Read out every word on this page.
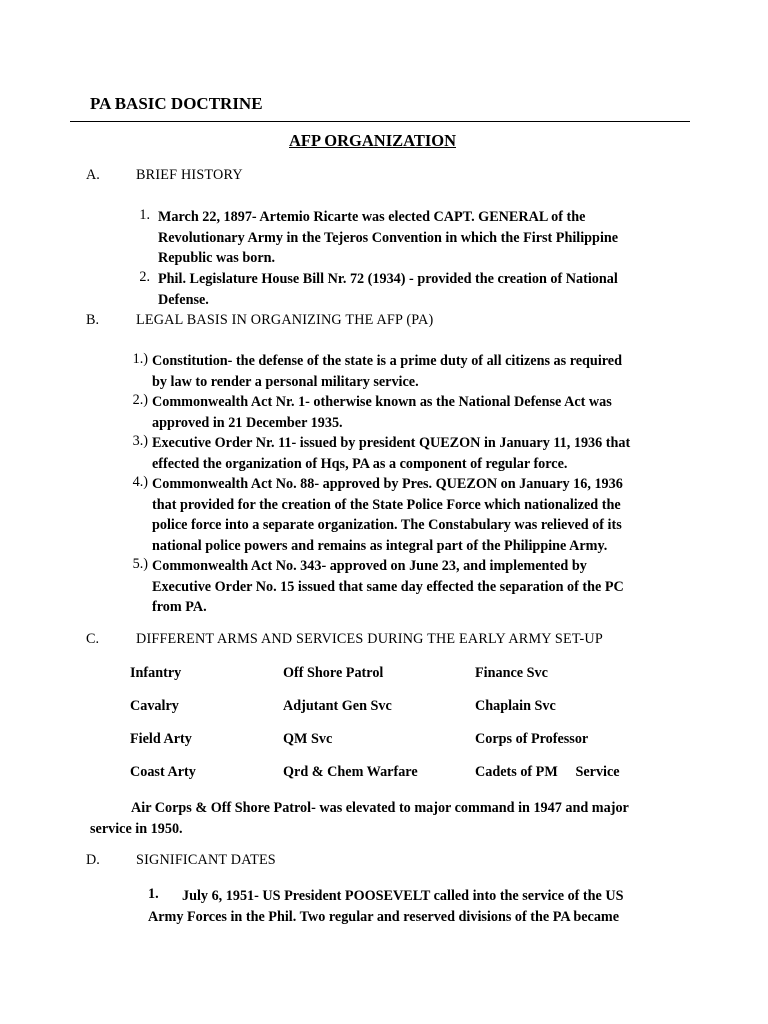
PA BASIC DOCTRINE
AFP ORGANIZATION
A.	BRIEF HISTORY
1. March 22, 1897- Artemio Ricarte was elected CAPT. GENERAL of the
Revolutionary Army in the Tejeros Convention in which the First Philippine
Republic was born.
2. Phil. Legislature House Bill Nr. 72 (1934) - provided the creation of National
Defense.
B.	LEGAL BASIS IN ORGANIZING THE AFP (PA)
1.) Constitution- the defense of the state is a prime duty of all citizens as required
by law to render a personal military service.
2.) Commonwealth Act Nr. 1- otherwise known as the National Defense Act was
approved in 21 December 1935.
3.) Executive Order Nr. 11- issued by president QUEZON in January 11, 1936 that
effected the organization of Hqs, PA as a component of regular force.
4.) Commonwealth Act No. 88- approved by Pres. QUEZON on January 16, 1936
that provided for the creation of the State Police Force which nationalized the
police force into a separate organization. The Constabulary was relieved of its
national police powers and remains as integral part of the Philippine Army.
5.) Commonwealth Act No. 343- approved on June 23, and implemented by
Executive Order No. 15 issued that same day effected the separation of the PC
from PA.
C.	DIFFERENT ARMS AND SERVICES DURING THE EARLY ARMY SET-UP
Infantry	Off Shore Patrol	Finance Svc
Cavalry	Adjutant Gen Svc	Chaplain Svc
Field Arty	QM Svc	Corps of Professor
Coast Arty	Qrd & Chem Warfare	Cadets of PM     Service
Air Corps & Off Shore Patrol- was elevated to major command in 1947 and major
service in 1950.
D.	SIGNIFICANT DATES
1. July 6, 1951- US President POOSEVELT called into the service of the US
Army Forces in the Phil. Two regular and reserved divisions of the PA became
